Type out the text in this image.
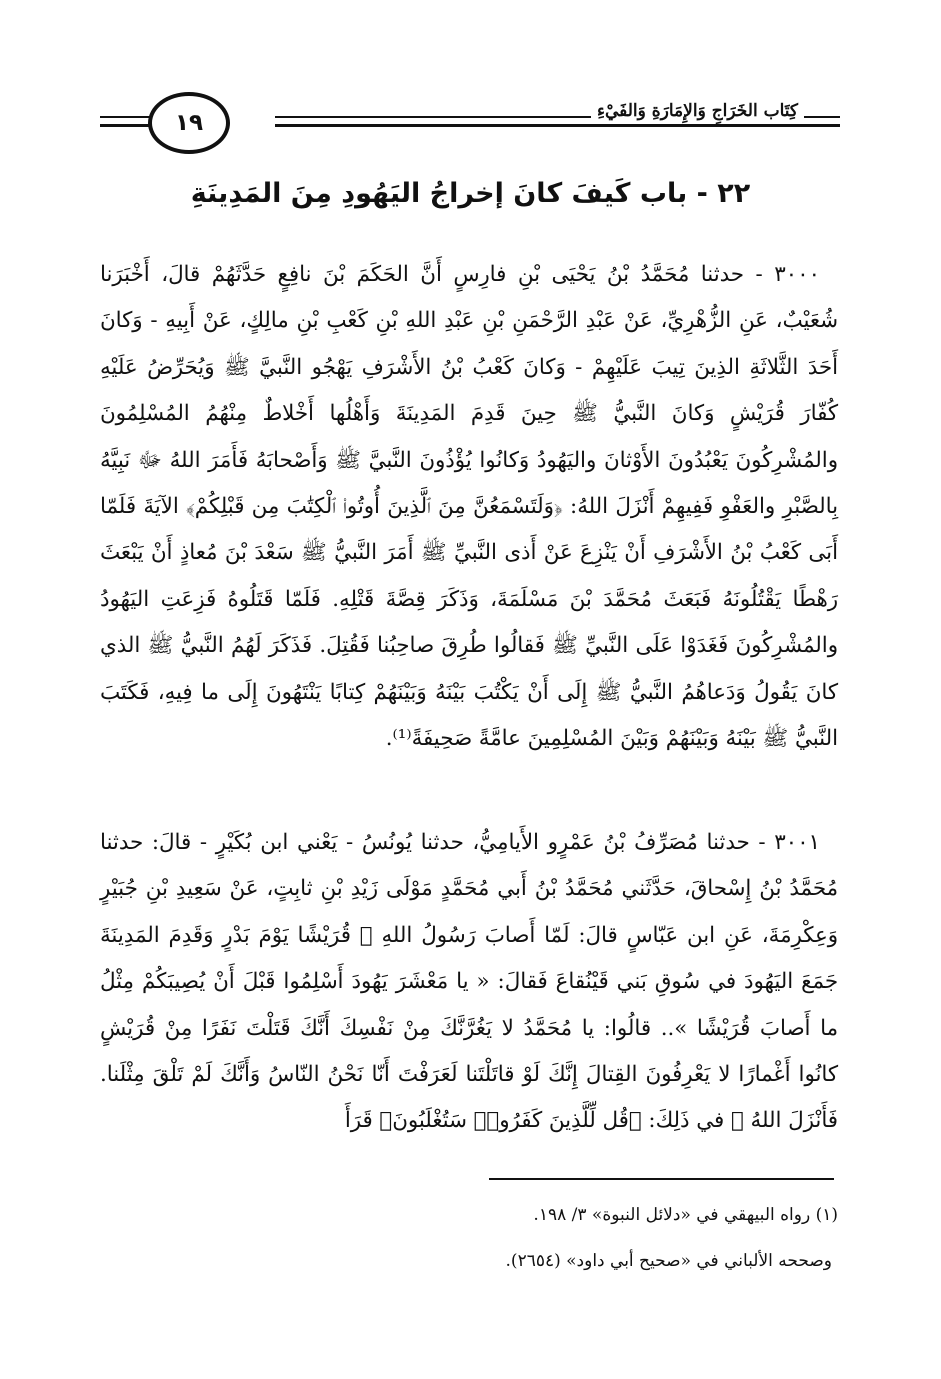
١٩	كِتَاب الخَرَاجِ وَالإِمَارَةِ وَالفَيْءِ
٢٢ - باب كَيفَ كانَ إخراجُ اليَهُودِ مِنَ المَدِينَةِ
٣٠٠٠ - حدثنا مُحَمَّدُ بْنُ يَحْيَى بْنِ فارِسٍ أَنَّ الحَكَمَ بْنَ نافِعٍ حَدَّثَهُمْ قالَ، أَخْبَرَنا شُعَيْبٌ، عَنِ الزُّهْرِيِّ، عَنْ عَبْدِ الرَّحْمَنِ بْنِ عَبْدِ اللهِ بْنِ كَعْبِ بْنِ مالِكٍ، عَنْ أَبِيهِ - وَكانَ أَحَدَ الثَّلاثَةِ الذِينَ تِيبَ عَلَيْهِمْ - وَكانَ كَعْبُ بْنُ الأَشْرَفِ يَهْجُو النَّبيَّ ﷺ وَيُحَرِّضُ عَلَيْهِ كُفّارَ قُرَيْشٍ وَكانَ النَّبيُّ ﷺ حِينَ قَدِمَ المَدِينَةَ وَأَهْلُها أَخْلاطٌ مِنْهُمُ المُسْلِمُونَ والمُشْرِكُونَ يَعْبُدُونَ الأَوْثانَ واليَهُودُ وَكانُوا يُؤْذُونَ النَّبيَّ ﷺ وَأَصْحابَهُ فَأَمَرَ اللهُ ﷻ نَبِيَّهُ بِالصَّبْرِ والعَفْوِ فَفِيهِمْ أَنْزَلَ اللهُ: ﴿وَلَتَسْمَعُنَّ مِنَ ٱلَّذِينَ أُوتُوا۟ ٱلْكِتَٰبَ مِن قَبْلِكُمْ﴾ الآيَةَ فَلَمّا أَبَى كَعْبُ بْنُ الأَشْرَفِ أَنْ يَنْزِعَ عَنْ أَذى النَّبيِّ ﷺ أَمَرَ النَّبيُّ ﷺ سَعْدَ بْنَ مُعاذٍ أَنْ يَبْعَثَ رَهْطًا يَقْتُلُونَهُ فَبَعَثَ مُحَمَّدَ بْنَ مَسْلَمَةَ، وَذَكَرَ قِصَّةَ قَتْلِهِ. فَلَمّا قَتَلُوهُ فَزِعَتِ اليَهُودُ والمُشْرِكُونَ فَغَدَوْا عَلَى النَّبيِّ ﷺ فَقالُوا طُرِقَ صاحِبُنا فَقُتِلَ. فَذَكَرَ لَهُمُ النَّبيُّ ﷺ الذي كانَ يَقُولُ وَدَعاهُمُ النَّبيُّ ﷺ إِلَى أَنْ يَكْتُبَ بَيْنَهُ وَبَيْنَهُمْ كِتابًا يَنْتَهُونَ إِلَى ما فِيهِ، فَكَتَبَ النَّبيُّ ﷺ بَيْنَهُ وَبَيْنَهُمْ وَبَيْنَ المُسْلِمِينَ عامَّةً صَحِيفَةً⁽¹⁾.
٣٠٠١ - حدثنا مُصَرِّفُ بْنُ عَمْرٍو الأَيامِيُّ، حدثنا يُونُسُ - يَعْني ابن بُكَيْرٍ - قالَ: حدثنا مُحَمَّدُ بْنُ إِسْحاقَ، حَدَّثَني مُحَمَّدُ بْنُ أَبي مُحَمَّدٍ مَوْلَى زَيْدِ بْنِ ثابِتٍ، عَنْ سَعِيدِ بْنِ جُبَيْرٍ وَعِكْرِمَةَ، عَنِ ابن عَبّاسٍ قالَ: لَمّا أَصابَ رَسُولُ اللهِ ﷺ قُرَيْشًا يَوْمَ بَدْرٍ وَقَدِمَ المَدِينَةَ جَمَعَ اليَهُودَ في سُوقِ بَني قَيْنُقاعَ فَقالَ: « يا مَعْشَرَ يَهُودَ أَسْلِمُوا قَبْلَ أَنْ يُصِيبَكُمْ مِثْلُ ما أَصابَ قُرَيْشًا ».. قالُوا: يا مُحَمَّدُ لا يَغُرَّنَّكَ مِنْ نَفْسِكَ أَنَّكَ قَتَلْتَ نَفَرًا مِنْ قُرَيْشٍ كانُوا أَغْمارًا لا يَعْرِفُونَ القِتالَ إِنَّكَ لَوْ قاتَلْتَنا لَعَرَفْتَ أَنّا نَحْنُ النّاسُ وَأَنَّكَ لَمْ تَلْقَ مِثْلَنا. فَأَنْزَلَ اللهُ ﷻ في ذَلِكَ: ﴿قُل لِّلَّذِينَ كَفَرُوا۟ سَتُغْلَبُونَ﴾ قَرَأَ
(١) رواه البيهقي في «دلائل النبوة» ٣/ ١٩٨.
وصححه الألباني في «صحيح أبي داود» (٢٦٥٤).
